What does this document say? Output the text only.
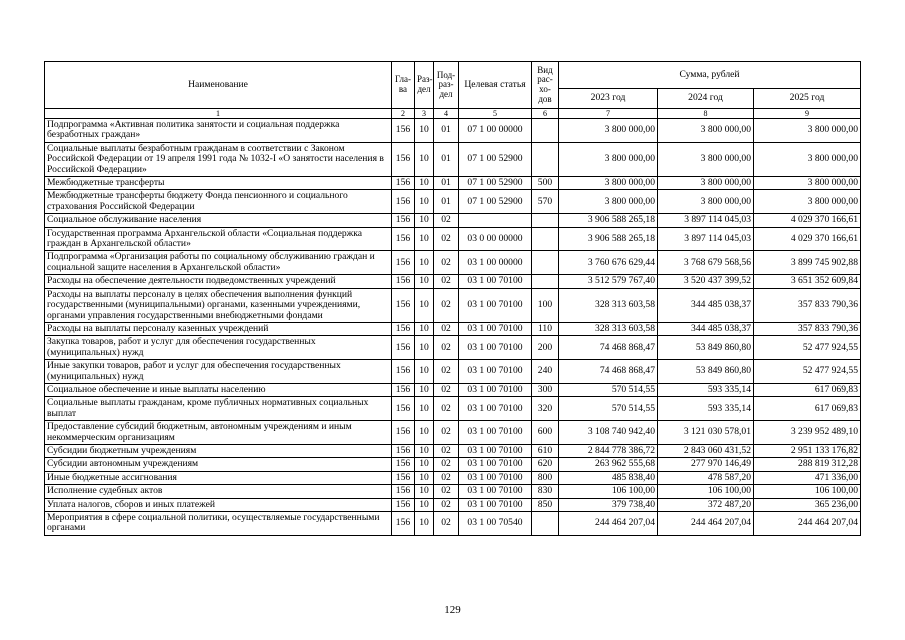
Наименование	Гла-ва	Раз-дел	Под-раз-дел	Целевая статья	Вид рас-хо-дов	Сумма, рублей		
						2023 год	2024 год	2025 год
1	2	3	4	5	6	7	8	9
Подпрограмма «Активная политика занятости и социальная поддержка безработных граждан»	156	10	01	07 1 00 00000		3 800 000,00	3 800 000,00	3 800 000,00
Социальные выплаты безработным гражданам в соответствии с Законом Российской Федерации от 19 апреля 1991 года № 1032-I «О занятости населения в Российской Федерации»	156	10	01	07 1 00 52900		3 800 000,00	3 800 000,00	3 800 000,00
Межбюджетные трансферты	156	10	01	07 1 00 52900	500	3 800 000,00	3 800 000,00	3 800 000,00
Межбюджетные трансферты бюджету Фонда пенсионного и социального страхования Российской Федерации	156	10	01	07 1 00 52900	570	3 800 000,00	3 800 000,00	3 800 000,00
Социальное обслуживание населения	156	10	02			3 906 588 265,18	3 897 114 045,03	4 029 370 166,61
Государственная программа Архангельской области «Социальная поддержка граждан в Архангельской области»	156	10	02	03 0 00 00000		3 906 588 265,18	3 897 114 045,03	4 029 370 166,61
Подпрограмма «Организация работы по социальному обслуживанию граждан и социальной защите населения в Архангельской области»	156	10	02	03 1 00 00000		3 760 676 629,44	3 768 679 568,56	3 899 745 902,88
Расходы на обеспечение деятельности подведомственных учреждений	156	10	02	03 1 00 70100		3 512 579 767,40	3 520 437 399,52	3 651 352 609,84
Расходы на выплаты персоналу в целях обеспечения выполнения функций государственными (муниципальными) органами, казенными учреждениями, органами управления государственными внебюджетными фондами	156	10	02	03 1 00 70100	100	328 313 603,58	344 485 038,37	357 833 790,36
Расходы на выплаты персоналу казенных учреждений	156	10	02	03 1 00 70100	110	328 313 603,58	344 485 038,37	357 833 790,36
Закупка товаров, работ и услуг для обеспечения государственных (муниципальных) нужд	156	10	02	03 1 00 70100	200	74 468 868,47	53 849 860,80	52 477 924,55
Иные закупки товаров, работ и услуг для обеспечения государственных (муниципальных) нужд	156	10	02	03 1 00 70100	240	74 468 868,47	53 849 860,80	52 477 924,55
Социальное обеспечение и иные выплаты населению	156	10	02	03 1 00 70100	300	570 514,55	593 335,14	617 069,83
Социальные выплаты гражданам, кроме публичных нормативных социальных выплат	156	10	02	03 1 00 70100	320	570 514,55	593 335,14	617 069,83
Предоставление субсидий бюджетным, автономным учреждениям и иным некоммерческим организациям	156	10	02	03 1 00 70100	600	3 108 740 942,40	3 121 030 578,01	3 239 952 489,10
Субсидии бюджетным учреждениям	156	10	02	03 1 00 70100	610	2 844 778 386,72	2 843 060 431,52	2 951 133 176,82
Субсидии автономным учреждениям	156	10	02	03 1 00 70100	620	263 962 555,68	277 970 146,49	288 819 312,28
Иные бюджетные ассигнования	156	10	02	03 1 00 70100	800	485 838,40	478 587,20	471 336,00
Исполнение судебных актов	156	10	02	03 1 00 70100	830	106 100,00	106 100,00	106 100,00
Уплата налогов, сборов и иных платежей	156	10	02	03 1 00 70100	850	379 738,40	372 487,20	365 236,00
Мероприятия в сфере социальной политики, осуществляемые государственными органами	156	10	02	03 1 00 70540		244 464 207,04	244 464 207,04	244 464 207,04
129
